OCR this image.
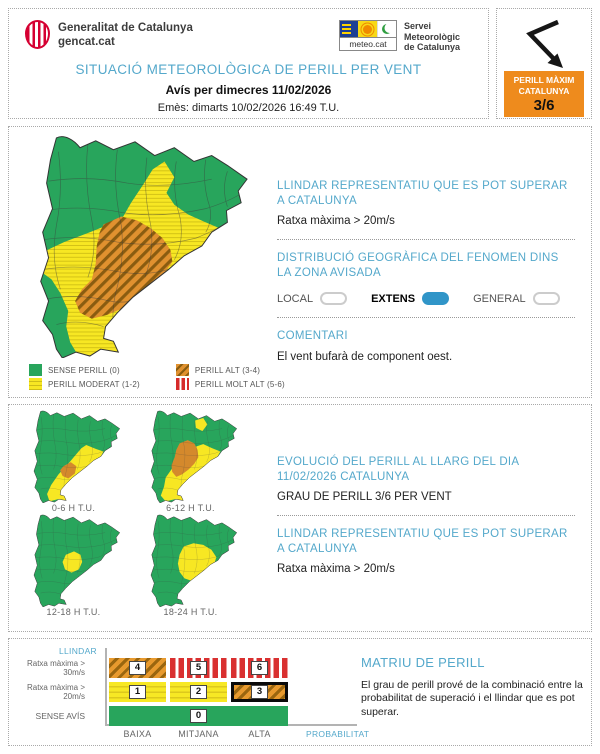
Generalitat de Catalunya
gencat.cat	meteo.cat
Servei Meteorològic de Catalunya
SITUACIÓ METEOROLÒGICA DE PERILL PER VENT
Avís per dimecres 11/02/2026
Emès: dimarts 10/02/2026 16:49 T.U.
PERILL MÀXIM CATALUNYA
3/6
SENSE PERILL (0)
PERILL MODERAT (1-2)
PERILL ALT (3-4)
PERILL MOLT ALT (5-6)
LLINDAR REPRESENTATIU QUE ES POT SUPERAR A CATALUNYA
Ratxa màxima > 20m/s
DISTRIBUCIÓ GEOGRÀFICA DEL FENOMEN DINS LA ZONA AVISADA
LOCAL	EXTENS	GENERAL
COMENTARI
El vent bufarà de component oest.
0-6 H T.U.	6-12 H T.U.
12-18 H T.U.	18-24 H T.U.
EVOLUCIÓ DEL PERILL AL LLARG DEL DIA 11/02/2026 CATALUNYA
GRAU DE PERILL 3/6 PER VENT
LLINDAR REPRESENTATIU QUE ES POT SUPERAR A CATALUNYA
Ratxa màxima > 20m/s
LLINDAR
Ratxa màxima > 30m/s	4	5	6
Ratxa màxima > 20m/s	1	2	3
SENSE AVÍS	0
BAIXA	MITJANA	ALTA	PROBABILITAT
MATRIU DE PERILL

El grau de perill prové de la combinació entre la probabilitat de superació i el llindar que es pot superar.
